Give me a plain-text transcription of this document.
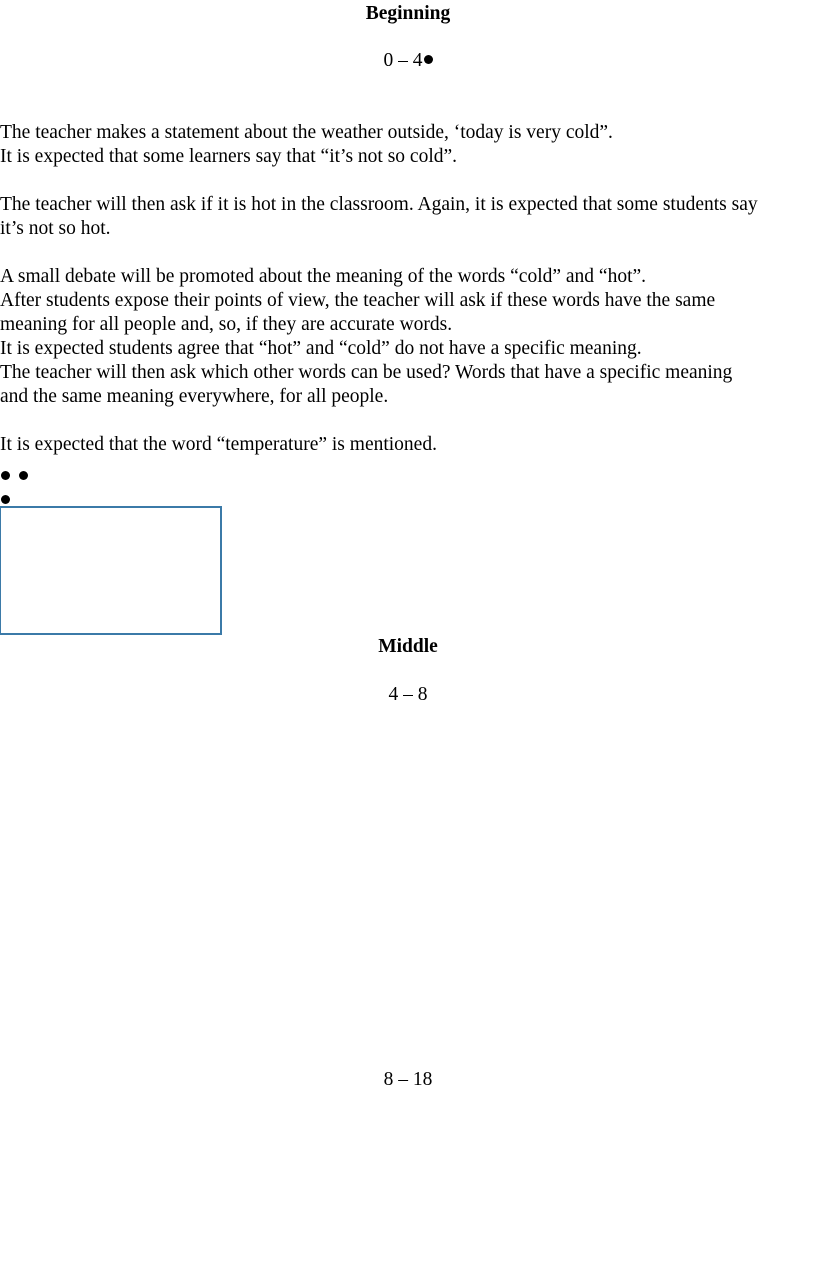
Beginning
0 – 4
The teacher makes a statement about the weather outside, ‘today is very cold”.
It is expected that some learners say that “it’s not so cold”.
The teacher will then ask if it is hot in the classroom. Again, it is expected that some students say
it’s not so hot.
A small debate will be promoted about the meaning of the words “cold” and “hot”.
After students expose their points of view, the teacher will ask if these words have the same
meaning for all people and, so, if they are accurate words.
It is expected students agree that “hot” and “cold” do not have a specific meaning.
The teacher will then ask which other words can be used? Words that have a specific meaning
and the same meaning everywhere, for all people.
It is expected that the word “temperature” is mentioned.

Middle
4 – 8
8 – 18
